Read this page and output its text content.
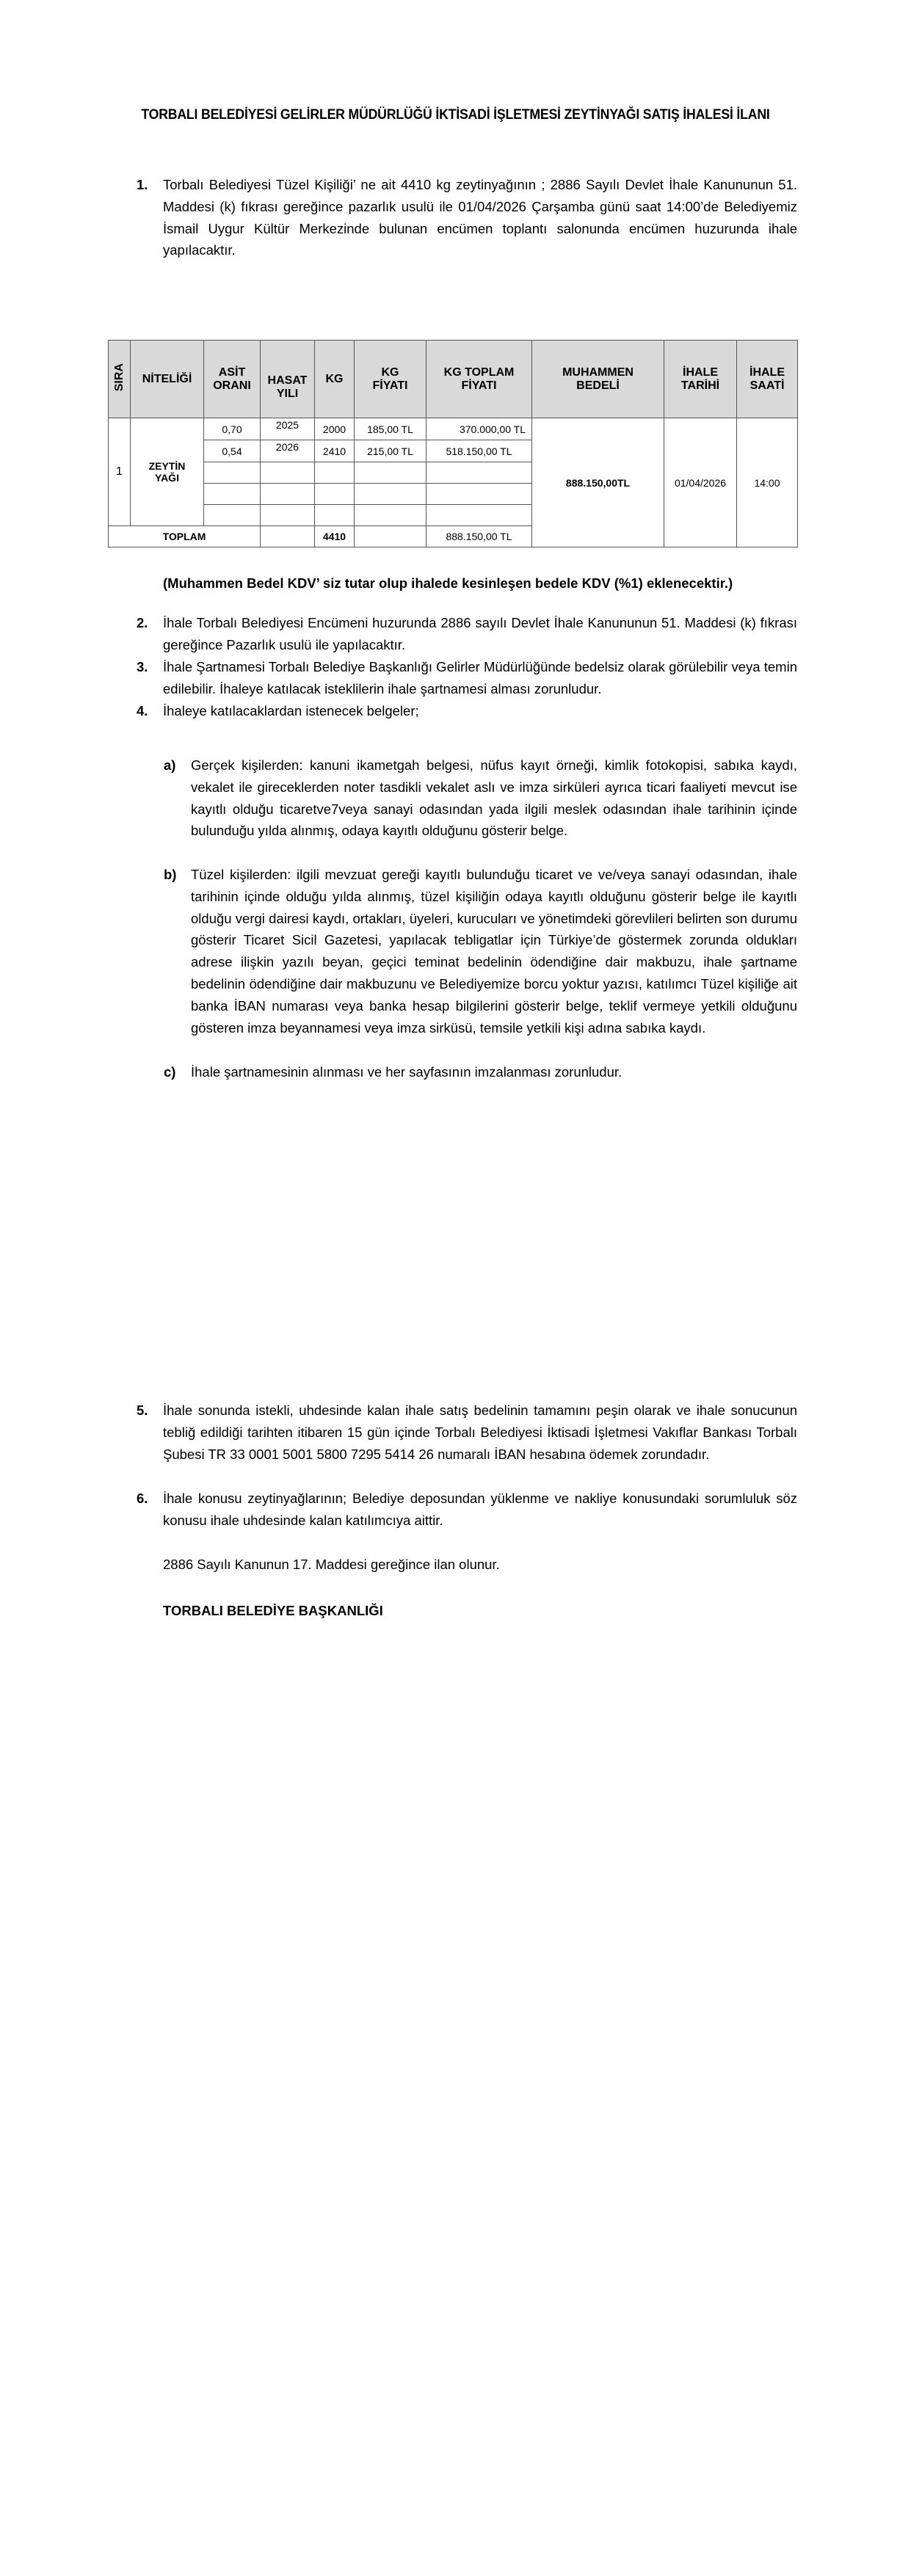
TORBALI BELEDİYESİ GELİRLER MÜDÜRLÜĞÜ İKTİSADİ İŞLETMESİ ZEYTİNYAĞI SATIŞ İHALESİ İLANI
1.	Torbalı Belediyesi Tüzel Kişiliği’ ne ait 4410 kg zeytinyağının ; 2886 Sayılı Devlet İhale Kanununun 51. Maddesi (k) fıkrası gereğince pazarlık usulü ile 01/04/2026 Çarşamba günü saat 14:00’de Belediyemiz İsmail Uygur Kültür Merkezinde bulunan encümen toplantı salonunda encümen huzurunda ihale yapılacaktır.
SIRA	NİTELİĞİ	ASİT ORANI	HASAT YILI	KG	KG FİYATI	KG TOPLAM FİYATI	MUHAMMEN BEDELİ	İHALE TARİHİ	İHALE SAATİ
1	ZEYTİN YAĞI	0,70	2025	2000	185,00 TL	370.000,00 TL	888.150,00TL	01/04/2026	14:00
		0,54	2026	2410	215,00 TL	518.150,00 TL			

TOPLAM				4410		888.150,00 TL			
(Muhammen Bedel KDV’ siz tutar olup ihalede kesinleşen bedele KDV (%1) eklenecektir.)
2.	İhale Torbalı Belediyesi Encümeni huzurunda 2886 sayılı Devlet İhale Kanununun 51. Maddesi (k) fıkrası gereğince Pazarlık usulü ile yapılacaktır.
3.	İhale Şartnamesi Torbalı Belediye Başkanlığı Gelirler Müdürlüğünde bedelsiz olarak görülebilir veya temin edilebilir. İhaleye katılacak isteklilerin ihale şartnamesi alması zorunludur.
4.	İhaleye katılacaklardan istenecek belgeler;
a) Gerçek kişilerden: kanuni ikametgah belgesi, nüfus kayıt örneği, kimlik fotokopisi, sabıka kaydı, vekalet ile gireceklerden noter tasdikli vekalet aslı ve imza sirküleri ayrıca ticari faaliyeti mevcut ise kayıtlı olduğu ticaretve7veya sanayi odasından yada ilgili meslek odasından ihale tarihinin içinde bulunduğu yılda alınmış, odaya kayıtlı olduğunu gösterir belge.
b) Tüzel kişilerden: ilgili mevzuat gereği kayıtlı bulunduğu ticaret ve ve/veya sanayi odasından, ihale tarihinin içinde olduğu yılda alınmış, tüzel kişiliğin odaya kayıtlı olduğunu gösterir belge ile kayıtlı olduğu vergi dairesi kaydı, ortakları, üyeleri, kurucuları ve yönetimdeki görevlileri belirten son durumu gösterir Ticaret Sicil Gazetesi, yapılacak tebligatlar için Türkiye’de göstermek zorunda oldukları adrese ilişkin yazılı beyan, geçici teminat bedelinin ödendiğine dair makbuzu, ihale şartname bedelinin ödendiğine dair makbuzunu ve Belediyemize borcu yoktur yazısı, katılımcı Tüzel kişiliğe ait banka İBAN numarası veya banka hesap bilgilerini gösterir belge, teklif vermeye yetkili olduğunu gösteren imza beyannamesi veya imza sirküsü, temsile yetkili kişi adına sabıka kaydı.
c) İhale şartnamesinin alınması ve her sayfasının imzalanması zorunludur.
5.	İhale sonunda istekli, uhdesinde kalan ihale satış bedelinin tamamını peşin olarak ve ihale sonucunun tebliğ edildiği tarihten itibaren 15 gün içinde Torbalı Belediyesi İktisadi İşletmesi Vakıflar Bankası Torbalı Şubesi TR 33 0001 5001 5800 7295 5414 26 numaralı İBAN hesabına ödemek zorundadır.
6.	İhale konusu zeytinyağlarının; Belediye deposundan yüklenme ve nakliye konusundaki sorumluluk söz konusu ihale uhdesinde kalan katılımcıya aittir.
2886 Sayılı Kanunun 17. Maddesi gereğince ilan olunur.
TORBALI BELEDİYE BAŞKANLIĞI
